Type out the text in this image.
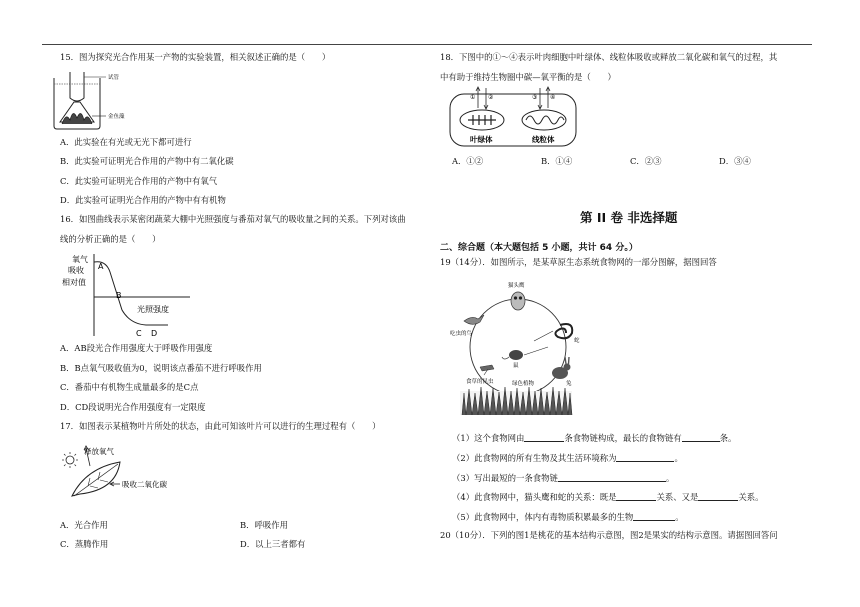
15．图为探究光合作用某一产物的实验装置，相关叙述正确的是（　　）
试管
金鱼藻
A．此实验在有光或无光下都可进行
B．此实验可证明光合作用的产物中有二氧化碳
C．此实验可证明光合作用的产物中有氧气
D．此实验可证明光合作用的产物中有有机物
16．如图曲线表示某密闭蔬菜大棚中光照强度与番茄对氧气的吸收量之间的关系。下列对该曲
线的分析正确的是（　　）
氧气
吸收
相对值
A
B
C D
光照强度
A．AB段光合作用强度大于呼吸作用强度
B．B点氧气吸收值为0，说明该点番茄不进行呼吸作用
C．番茄中有机物生成量最多的是C点
D．CD段说明光合作用强度有一定限度
17．如图表示某植物叶片所处的状态，由此可知该叶片可以进行的生理过程有（　　）
释放氧气
吸收二氧化碳
A．光合作用	B．呼吸作用
C．蒸腾作用	D．以上三者都有
18．下图中的①～④表示叶肉细胞中叶绿体、线粒体吸收或释放二氧化碳和氧气的过程，其
中有助于维持生物圈中碳—氧平衡的是（　　）
① ②	③ ④
叶绿体	线粒体
A．①②	B．①④	C．②③	D．③④
第 II 卷 非选择题
二、综合题（本大题包括 5 小题，共计 64 分。）
19（14分）．如图所示，是某草原生态系统食物网的一部分图解，据图回答
猫头鹰
吃虫的鸟
蛇
鼠
食草的昆虫	绿色植物	兔
（1）这个食物网由	条食物链构成，最长的食物链有	条。
（2）此食物网的所有生物及其生活环境称为	。
（3）写出最短的一条食物链	。
（4）此食物网中，猫头鹰和蛇的关系：既是	关系、又是	关系。
（5）此食物网中，体内有毒物质积累最多的生物	。
20（10分）．下列的图1是桃花的基本结构示意图，图2是果实的结构示意图。请据图回答问
